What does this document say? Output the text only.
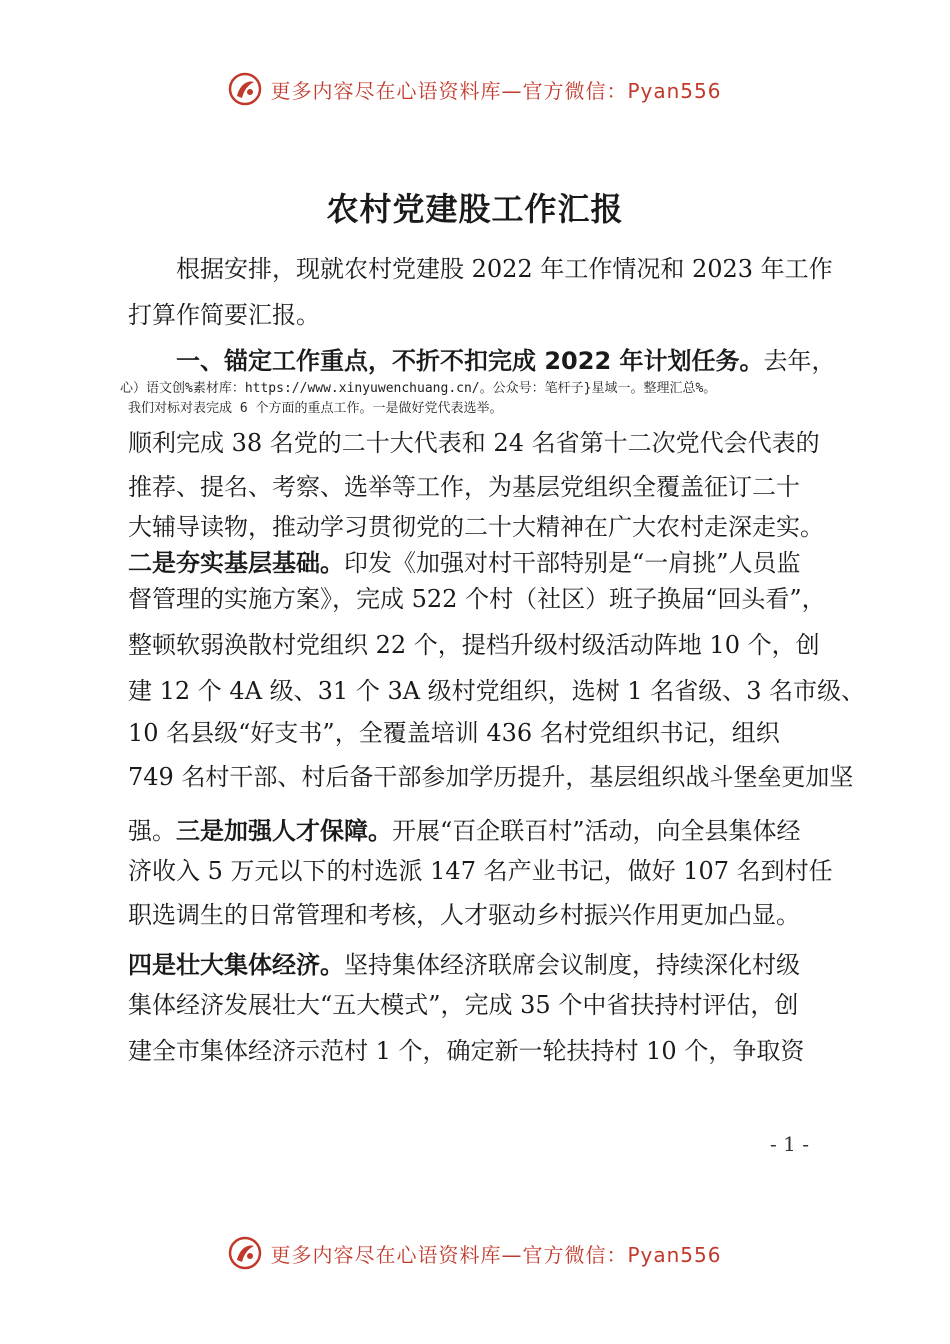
更多内容尽在心语资料库—官方微信：Pyan556
农村党建股工作汇报
根据安排，现就农村党建股 2022 年工作情况和 2023 年工作
打算作简要汇报。
一、锚定工作重点，不折不扣完成 2022 年计划任务。去年，
心）语文创%素材库：https://www.xinyuwenchuang.cn/。公众号：笔杆子}星域一。整理汇总%。
我们对标对表完成 6 个方面的重点工作。一是做好党代表选举。
顺利完成 38 名党的二十大代表和 24 名省第十二次党代会代表的
推荐、提名、考察、选举等工作，为基层党组织全覆盖征订二十
大辅导读物，推动学习贯彻党的二十大精神在广大农村走深走实。
二是夯实基层基础。印发《加强对村干部特别是“一肩挑”人员监
督管理的实施方案》，完成 522 个村（社区）班子换届“回头看”，
整顿软弱涣散村党组织 22 个，提档升级村级活动阵地 10 个，创
建 12 个 4A 级、31 个 3A 级村党组织，选树 1 名省级、3 名市级、
10 名县级“好支书”，全覆盖培训 436 名村党组织书记，组织
749 名村干部、村后备干部参加学历提升，基层组织战斗堡垒更加坚
强。三是加强人才保障。开展“百企联百村”活动，向全县集体经
济收入 5 万元以下的村选派 147 名产业书记，做好 107 名到村任
职选调生的日常管理和考核，人才驱动乡村振兴作用更加凸显。
四是壮大集体经济。坚持集体经济联席会议制度，持续深化村级
集体经济发展壮大“五大模式”，完成 35 个中省扶持村评估，创
建全市集体经济示范村 1 个，确定新一轮扶持村 10 个，争取资
- 1 -
更多内容尽在心语资料库—官方微信：Pyan556
